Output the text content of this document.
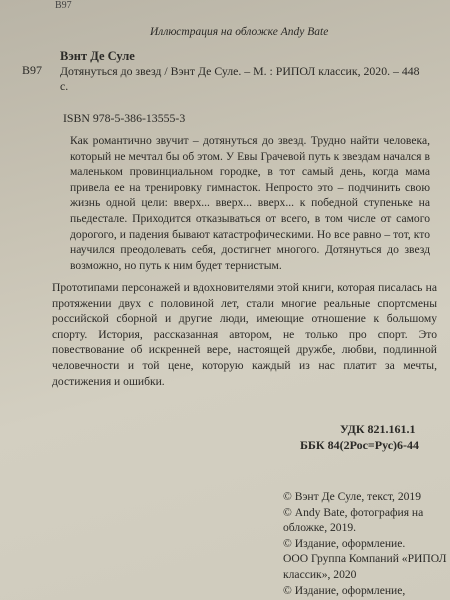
В97
Иллюстрация на обложке Andy Bate
Вэнт Де Суле
В97 Дотянуться до звезд / Вэнт Де Суле. – М. : РИПОЛ классик, 2020. – 448 с.
ISBN 978-5-386-13555-3
Как романтично звучит – дотянуться до звезд. Трудно найти человека, который не мечтал бы об этом. У Евы Грачевой путь к звездам начался в маленьком провинциальном городке, в тот самый день, когда мама привела ее на тренировку гимнасток. Непросто это – подчинить свою жизнь одной цели: вверх... вверх... вверх... к победной ступеньке на пьедестале. Приходится отказываться от всего, в том числе от самого дорогого, и падения бывают катастрофическими. Но все равно – тот, кто научился преодолевать себя, достигнет многого. Дотянуться до звезд возможно, но путь к ним будет тернистым.
Прототипами персонажей и вдохновителями этой книги, которая писалась на протяжении двух с половиной лет, стали многие реальные спортсмены российской сборной и другие люди, имеющие отношение к большому спорту. История, рассказанная автором, не только про спорт. Это повествование об искренней вере, настоящей дружбе, любви, подлинной человечности и той цене, которую каждый из нас платит за мечты, достижения и ошибки.
УДК 821.161.1
ББК 84(2Рос=Рус)6-44
© Вэнт Де Суле, текст, 2019
© Andy Bate, фотография на обложке, 2019.
© Издание, оформление.
ООО Группа Компаний «РИПОЛ классик», 2020
© Издание, оформление,
